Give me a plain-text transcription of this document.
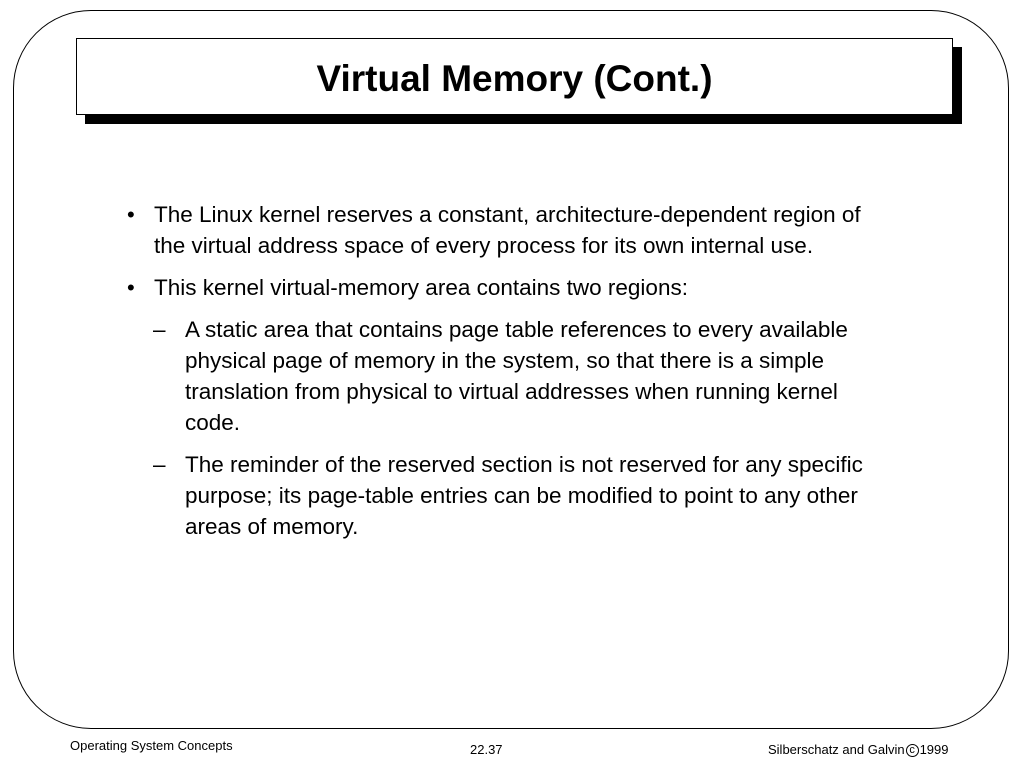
Virtual Memory (Cont.)
• The Linux kernel reserves a constant, architecture-dependent region of the virtual address space of every process for its own internal use.
• This kernel virtual-memory area contains two regions:
– A static area that contains page table references to every available physical page of memory in the system, so that there is a simple translation from physical to virtual addresses when running kernel code.
– The reminder of the reserved section is not reserved for any specific purpose; its page-table entries can be modified to point to any other areas of memory.
Operating System Concepts	22.37	Silberschatz and Galvin c 1999
